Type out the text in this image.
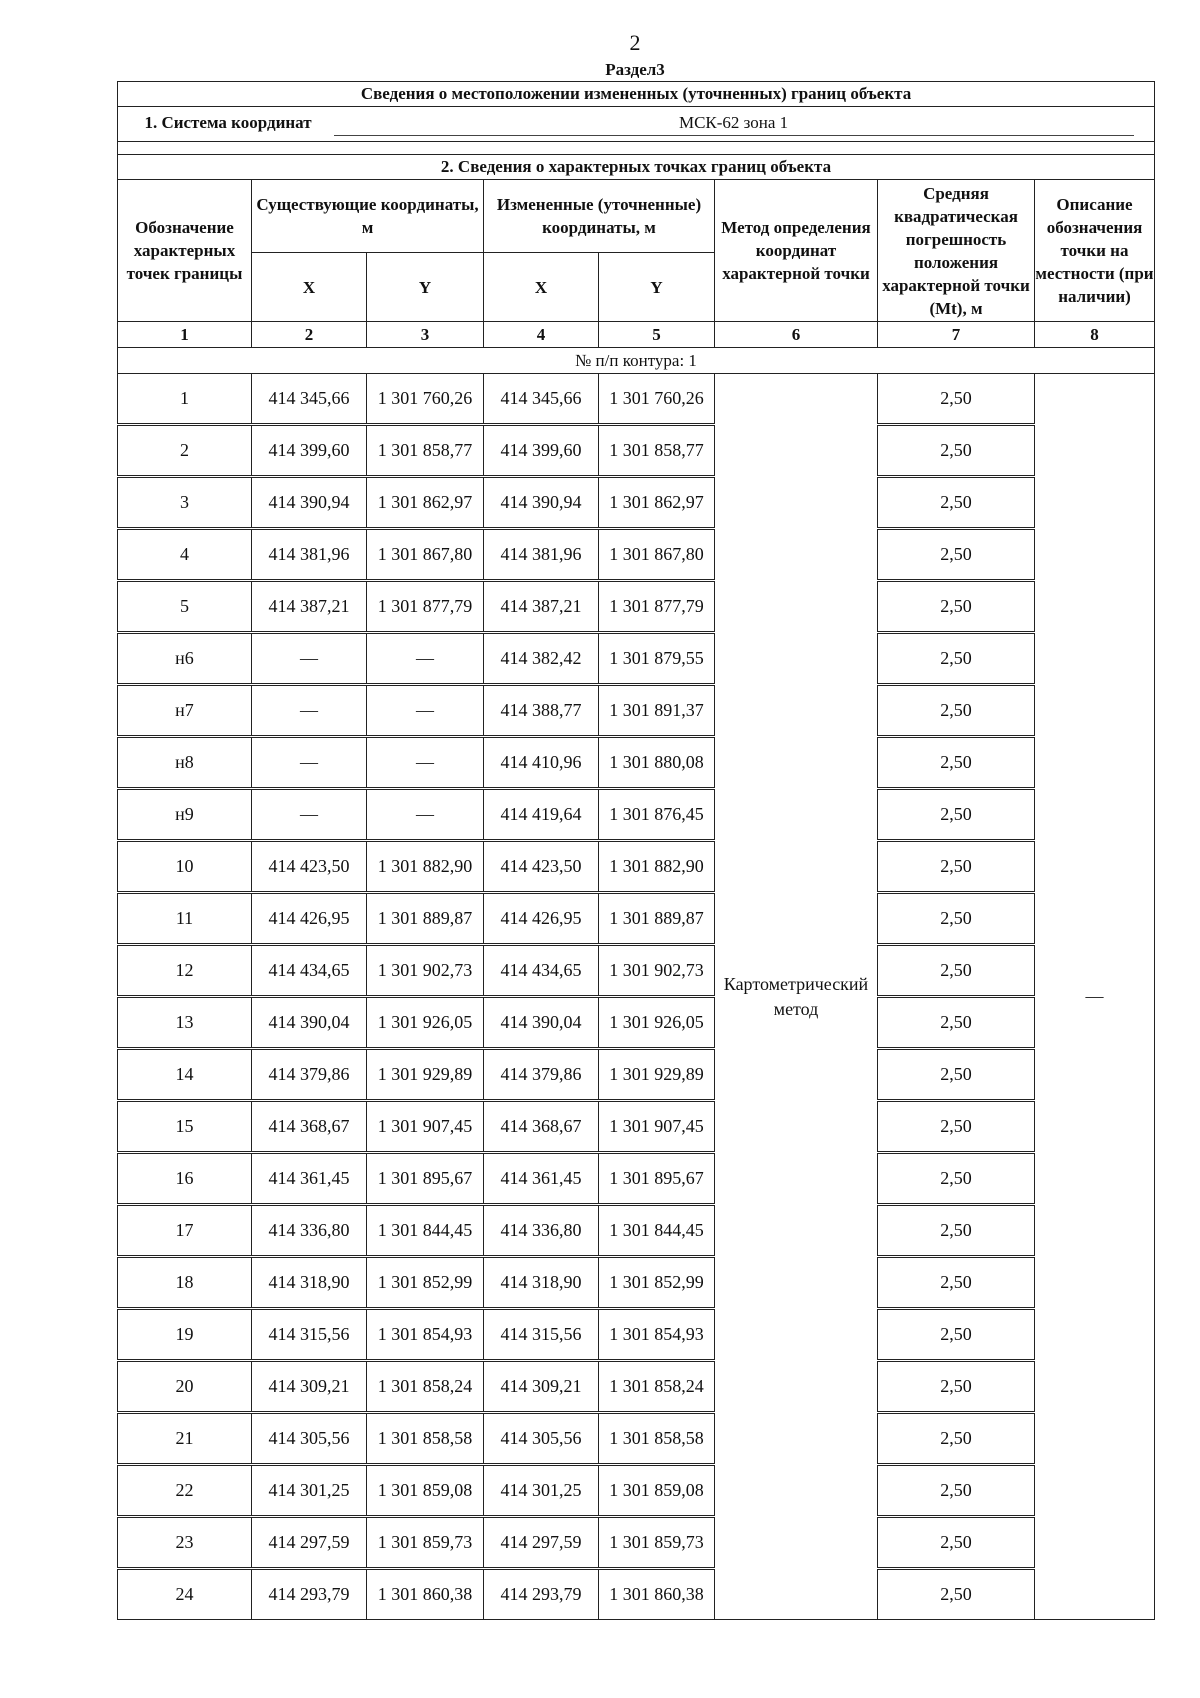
2
Раздел3
Сведения о местоположении измененных (уточненных) границ объекта							
1. Система координат МСК-62 зона 1							

2. Сведения о характерных точках границ объекта							
Обозначение характерных точек границы	Существующие координаты, м		Измененные (уточненные) координаты, м		Метод определения координат характерной точки	Средняя квадратическая погрешность положения характерной точки (Mt), м	Описание обозначения точки на местности (при наличии)
	X	Y	X	Y			
1	2	3	4	5	6	7	8
№ п/п контура: 1							
1	414 345,66	1 301 760,26	414 345,66	1 301 760,26	Картометрический метод	2,50	—
2	414 399,60	1 301 858,77	414 399,60	1 301 858,77		2,50	
3	414 390,94	1 301 862,97	414 390,94	1 301 862,97		2,50	
4	414 381,96	1 301 867,80	414 381,96	1 301 867,80		2,50	
5	414 387,21	1 301 877,79	414 387,21	1 301 877,79		2,50	
н6	—	—	414 382,42	1 301 879,55		2,50	
н7	—	—	414 388,77	1 301 891,37		2,50	
н8	—	—	414 410,96	1 301 880,08		2,50	
н9	—	—	414 419,64	1 301 876,45		2,50	
10	414 423,50	1 301 882,90	414 423,50	1 301 882,90		2,50	
11	414 426,95	1 301 889,87	414 426,95	1 301 889,87		2,50	
12	414 434,65	1 301 902,73	414 434,65	1 301 902,73		2,50	
13	414 390,04	1 301 926,05	414 390,04	1 301 926,05		2,50	
14	414 379,86	1 301 929,89	414 379,86	1 301 929,89		2,50	
15	414 368,67	1 301 907,45	414 368,67	1 301 907,45		2,50	
16	414 361,45	1 301 895,67	414 361,45	1 301 895,67		2,50	
17	414 336,80	1 301 844,45	414 336,80	1 301 844,45		2,50	
18	414 318,90	1 301 852,99	414 318,90	1 301 852,99		2,50	
19	414 315,56	1 301 854,93	414 315,56	1 301 854,93		2,50	
20	414 309,21	1 301 858,24	414 309,21	1 301 858,24		2,50	
21	414 305,56	1 301 858,58	414 305,56	1 301 858,58		2,50	
22	414 301,25	1 301 859,08	414 301,25	1 301 859,08		2,50	
23	414 297,59	1 301 859,73	414 297,59	1 301 859,73		2,50	
24	414 293,79	1 301 860,38	414 293,79	1 301 860,38		2,50	
